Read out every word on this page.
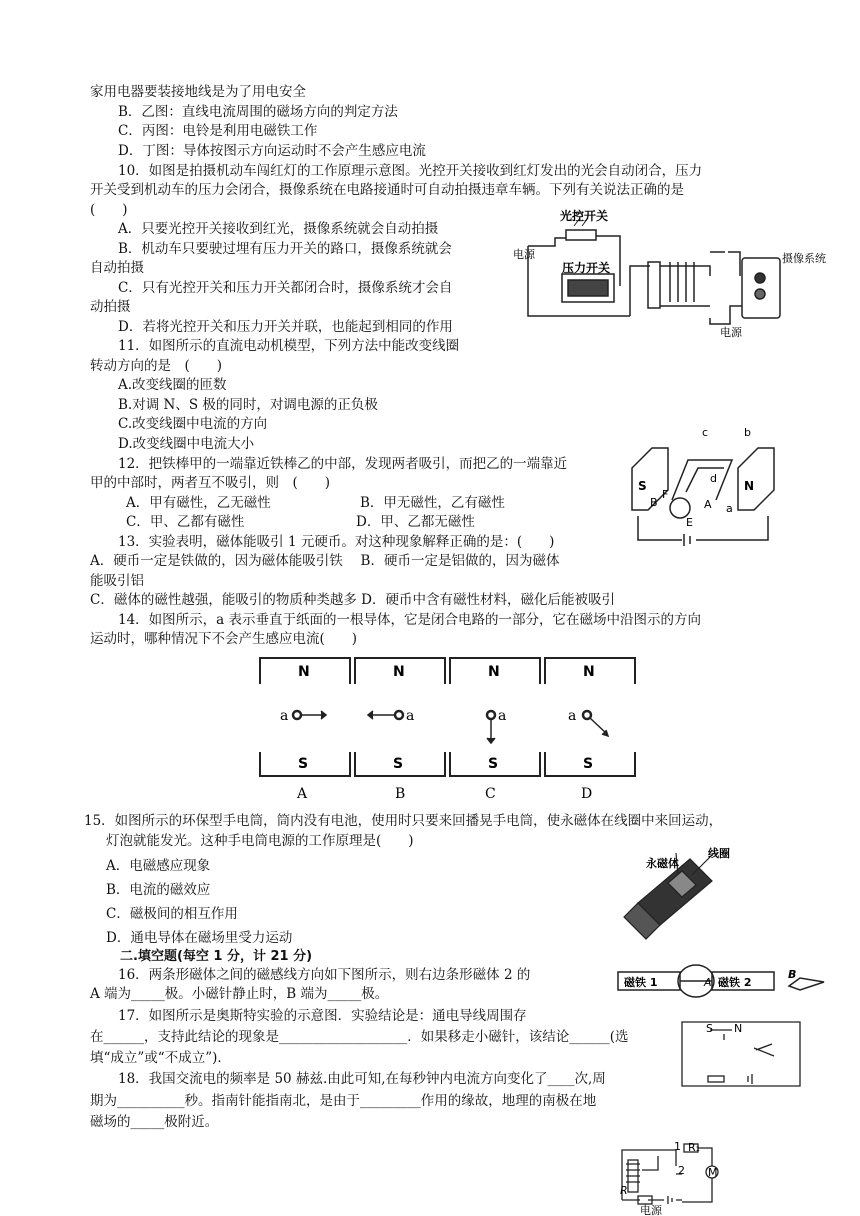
家用电器要装接地线是为了用电安全
B．乙图：直线电流周围的磁场方向的判定方法
C．丙图：电铃是利用电磁铁工作
D．丁图：导体按图示方向运动时不会产生感应电流
10．如图是拍摄机动车闯红灯的工作原理示意图。光控开关接收到红灯发出的光会自动闭合，压力
开关受到机动车的压力会闭合，摄像系统在电路接通时可自动拍摄违章车辆。下列有关说法正确的是
(　　)
A．只要光控开关接收到红光，摄像系统就会自动拍摄
B．机动车只要驶过埋有压力开关的路口，摄像系统就会
自动拍摄
C．只有光控开关和压力开关都闭合时，摄像系统才会自
动拍摄
D．若将光控开关和压力开关并联，也能起到相同的作用
11．如图所示的直流电动机模型，下列方法中能改变线圈
转动方向的是　(　　)
A.改变线圈的匝数
B.对调 N、S 极的同时，对调电源的正负极
C.改变线圈中电流的方向
D.改变线圈中电流大小
12．把铁棒甲的一端靠近铁棒乙的中部，发现两者吸引，而把乙的一端靠近
甲的中部时，两者互不吸引，则　(　　)
A．甲有磁性，乙无磁性	B．甲无磁性，乙有磁性
C．甲、乙都有磁性	D．甲、乙都无磁性
13．实验表明，磁体能吸引 1 元硬币。对这种现象解释正确的是：(　　)
A．硬币一定是铁做的，因为磁体能吸引铁　 B．硬币一定是铝做的，因为磁体
能吸引铝
C．磁体的磁性越强，能吸引的物质种类越多 D．硬币中含有磁性材料，磁化后能被吸引
14．如图所示，a 表示垂直于纸面的一根导体，它是闭合电路的一部分，它在磁场中沿图示的方向
运动时，哪种情况下不会产生感应电流(　　)
15．如图所示的环保型手电筒，筒内没有电池，使用时只要来回播晃手电筒，使永磁体在线圈中来回运动，
灯泡就能发光。这种手电筒电源的工作原理是(　　)
A．电磁感应现象
B．电流的磁效应
C．磁极间的相互作用
D．通电导体在磁场里受力运动
二.填空题(每空 1 分，计 21 分)
16．两条形磁体之间的磁感线方向如下图所示，则右边条形磁体 2 的
A 端为_____极。小磁针静止时，B 端为_____极。
17．如图所示是奥斯特实验的示意图．实验结论是：通电导线周围存
在______，支持此结论的现象是___________________．如果移走小磁针，该结论______(选
填“成立”或“不成立”)．
18．我国交流电的频率是 50 赫兹.由此可知,在每秒钟内电流方向变化了____次,周
期为__________秒。指南针能指南北，是由于_________作用的缘故，地理的南极在地
磁场的_____极附近。
光控开关
压力开关
电源
电源
摄像系统
S	N
c	b
d
a
B
F
A
E
N	N	N	N
S	S	S	S
a	a	a	a
A	B	C	D
永磁体
线圈
磁铁 1	磁铁 2
A
B
S N
1
2
R₁
R
电源
M
